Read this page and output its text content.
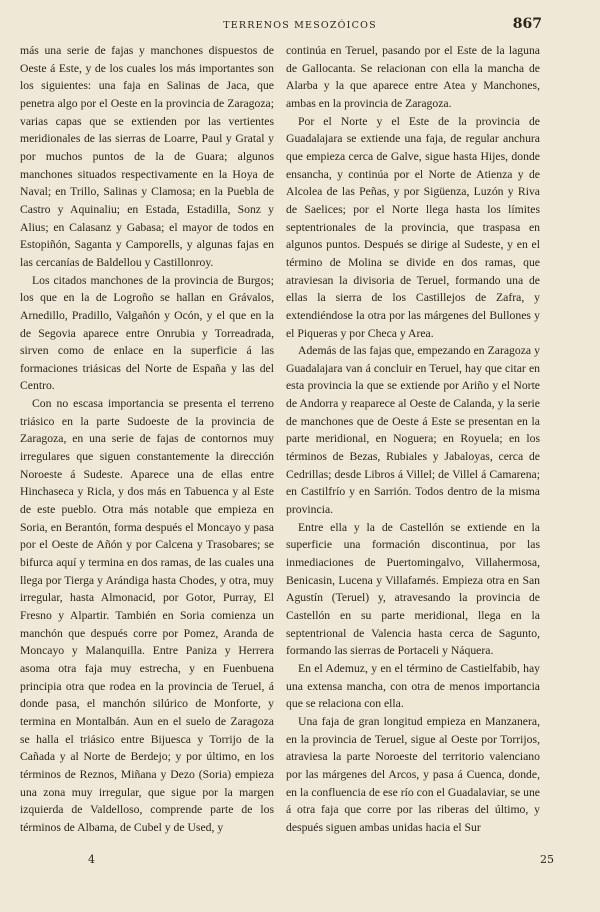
TERRENOS MESOZÓICOS	867

más una serie de fajas y manchones dispuestos de Oeste á Este, y de los cuales los más importantes son los siguientes: una faja en Salinas de Jaca, que penetra algo por el Oeste en la provincia de Zaragoza; varias capas que se extienden por las vertientes meridionales de las sierras de Loarre, Paul y Gratal y por muchos puntos de la de Guara; algunos manchones situados respectivamente en la Hoya de Naval; en Trillo, Salinas y Clamosa; en la Puebla de Castro y Aquinaliu; en Estada, Estadilla, Sonz y Alius; en Calasanz y Gabasa; el mayor de todos en Estopiñón, Saganta y Camporells, y algunas fajas en las cercanías de Baldellou y Castillonroy.

Los citados manchones de la provincia de Burgos; los que en la de Logroño se hallan en Grávalos, Arnedillo, Pradillo, Valgañón y Ocón, y el que en la de Segovia aparece entre Onrubia y Torreadrada, sirven como de enlace en la superficie á las formaciones triásicas del Norte de España y las del Centro.

Con no escasa importancia se presenta el terreno triásico en la parte Sudoeste de la provincia de Zaragoza, en una serie de fajas de contornos muy irregulares que siguen constantemente la dirección Noroeste á Sudeste. Aparece una de ellas entre Hinchaseca y Ricla, y dos más en Tabuenca y al Este de este pueblo. Otra más notable que empieza en Soria, en Berantón, forma después el Moncayo y pasa por el Oeste de Añón y por Calcena y Trasobares; se bifurca aquí y termina en dos ramas, de las cuales una llega por Tierga y Arándiga hasta Chodes, y otra, muy irregular, hasta Almonacid, por Gotor, Purray, El Fresno y Alpartir. También en Soria comienza un manchón que después corre por Pomez, Aranda de Moncayo y Malanquilla. Entre Paniza y Herrera asoma otra faja muy estrecha, y en Fuenbuena principia otra que rodea en la provincia de Teruel, á donde pasa, el manchón silúrico de Monforte, y termina en Montalbán. Aun en el suelo de Zaragoza se halla el triásico entre Bijuesca y Torrijo de la Cañada y al Norte de Berdejo; y por último, en los términos de Reznos, Miñana y Dezo (Soria) empieza una zona muy irregular, que sigue por la margen izquierda de Valdelloso, comprende parte de los términos de Albama, de Cubel y de Used, y

continúa en Teruel, pasando por el Este de la laguna de Gallocanta. Se relacionan con ella la mancha de Alarba y la que aparece entre Atea y Manchones, ambas en la provincia de Zaragoza.

Por el Norte y el Este de la provincia de Guadalajara se extiende una faja, de regular anchura que empieza cerca de Galve, sigue hasta Hijes, donde ensancha, y continúa por el Norte de Atienza y de Alcolea de las Peñas, y por Sigüenza, Luzón y Riva de Saelices; por el Norte llega hasta los límites septentrionales de la provincia, que traspasa en algunos puntos. Después se dirige al Sudeste, y en el término de Molina se divide en dos ramas, que atraviesan la divisoria de Teruel, formando una de ellas la sierra de los Castillejos de Zafra, y extendiéndose la otra por las márgenes del Bullones y el Piqueras y por Checa y Area.

Además de las fajas que, empezando en Zaragoza y Guadalajara van á concluir en Teruel, hay que citar en esta provincia la que se extiende por Ariño y el Norte de Andorra y reaparece al Oeste de Calanda, y la serie de manchones que de Oeste á Este se presentan en la parte meridional, en Noguera; en Royuela; en los términos de Bezas, Rubiales y Jabaloyas, cerca de Cedrillas; desde Libros á Villel; de Villel á Camarena; en Castilfrío y en Sarrión. Todos dentro de la misma provincia.

Entre ella y la de Castellón se extiende en la superficie una formación discontinua, por las inmediaciones de Puertomingalvo, Villahermosa, Benicasin, Lucena y Villafamés. Empieza otra en San Agustín (Teruel) y, atravesando la provincia de Castellón en su parte meridional, llega en la septentrional de Valencia hasta cerca de Sagunto, formando las sierras de Portaceli y Náquera.

En el Ademuz, y en el término de Castielfabib, hay una extensa mancha, con otra de menos importancia que se relaciona con ella.

Una faja de gran longitud empieza en Manzanera, en la provincia de Teruel, sigue al Oeste por Torrijos, atraviesa la parte Noroeste del territorio valenciano por las márgenes del Arcos, y pasa á Cuenca, donde, en la confluencia de ese río con el Guadalaviar, se une á otra faja que corre por las riberas del último, y después siguen ambas unidas hacia el Sur

4	25
